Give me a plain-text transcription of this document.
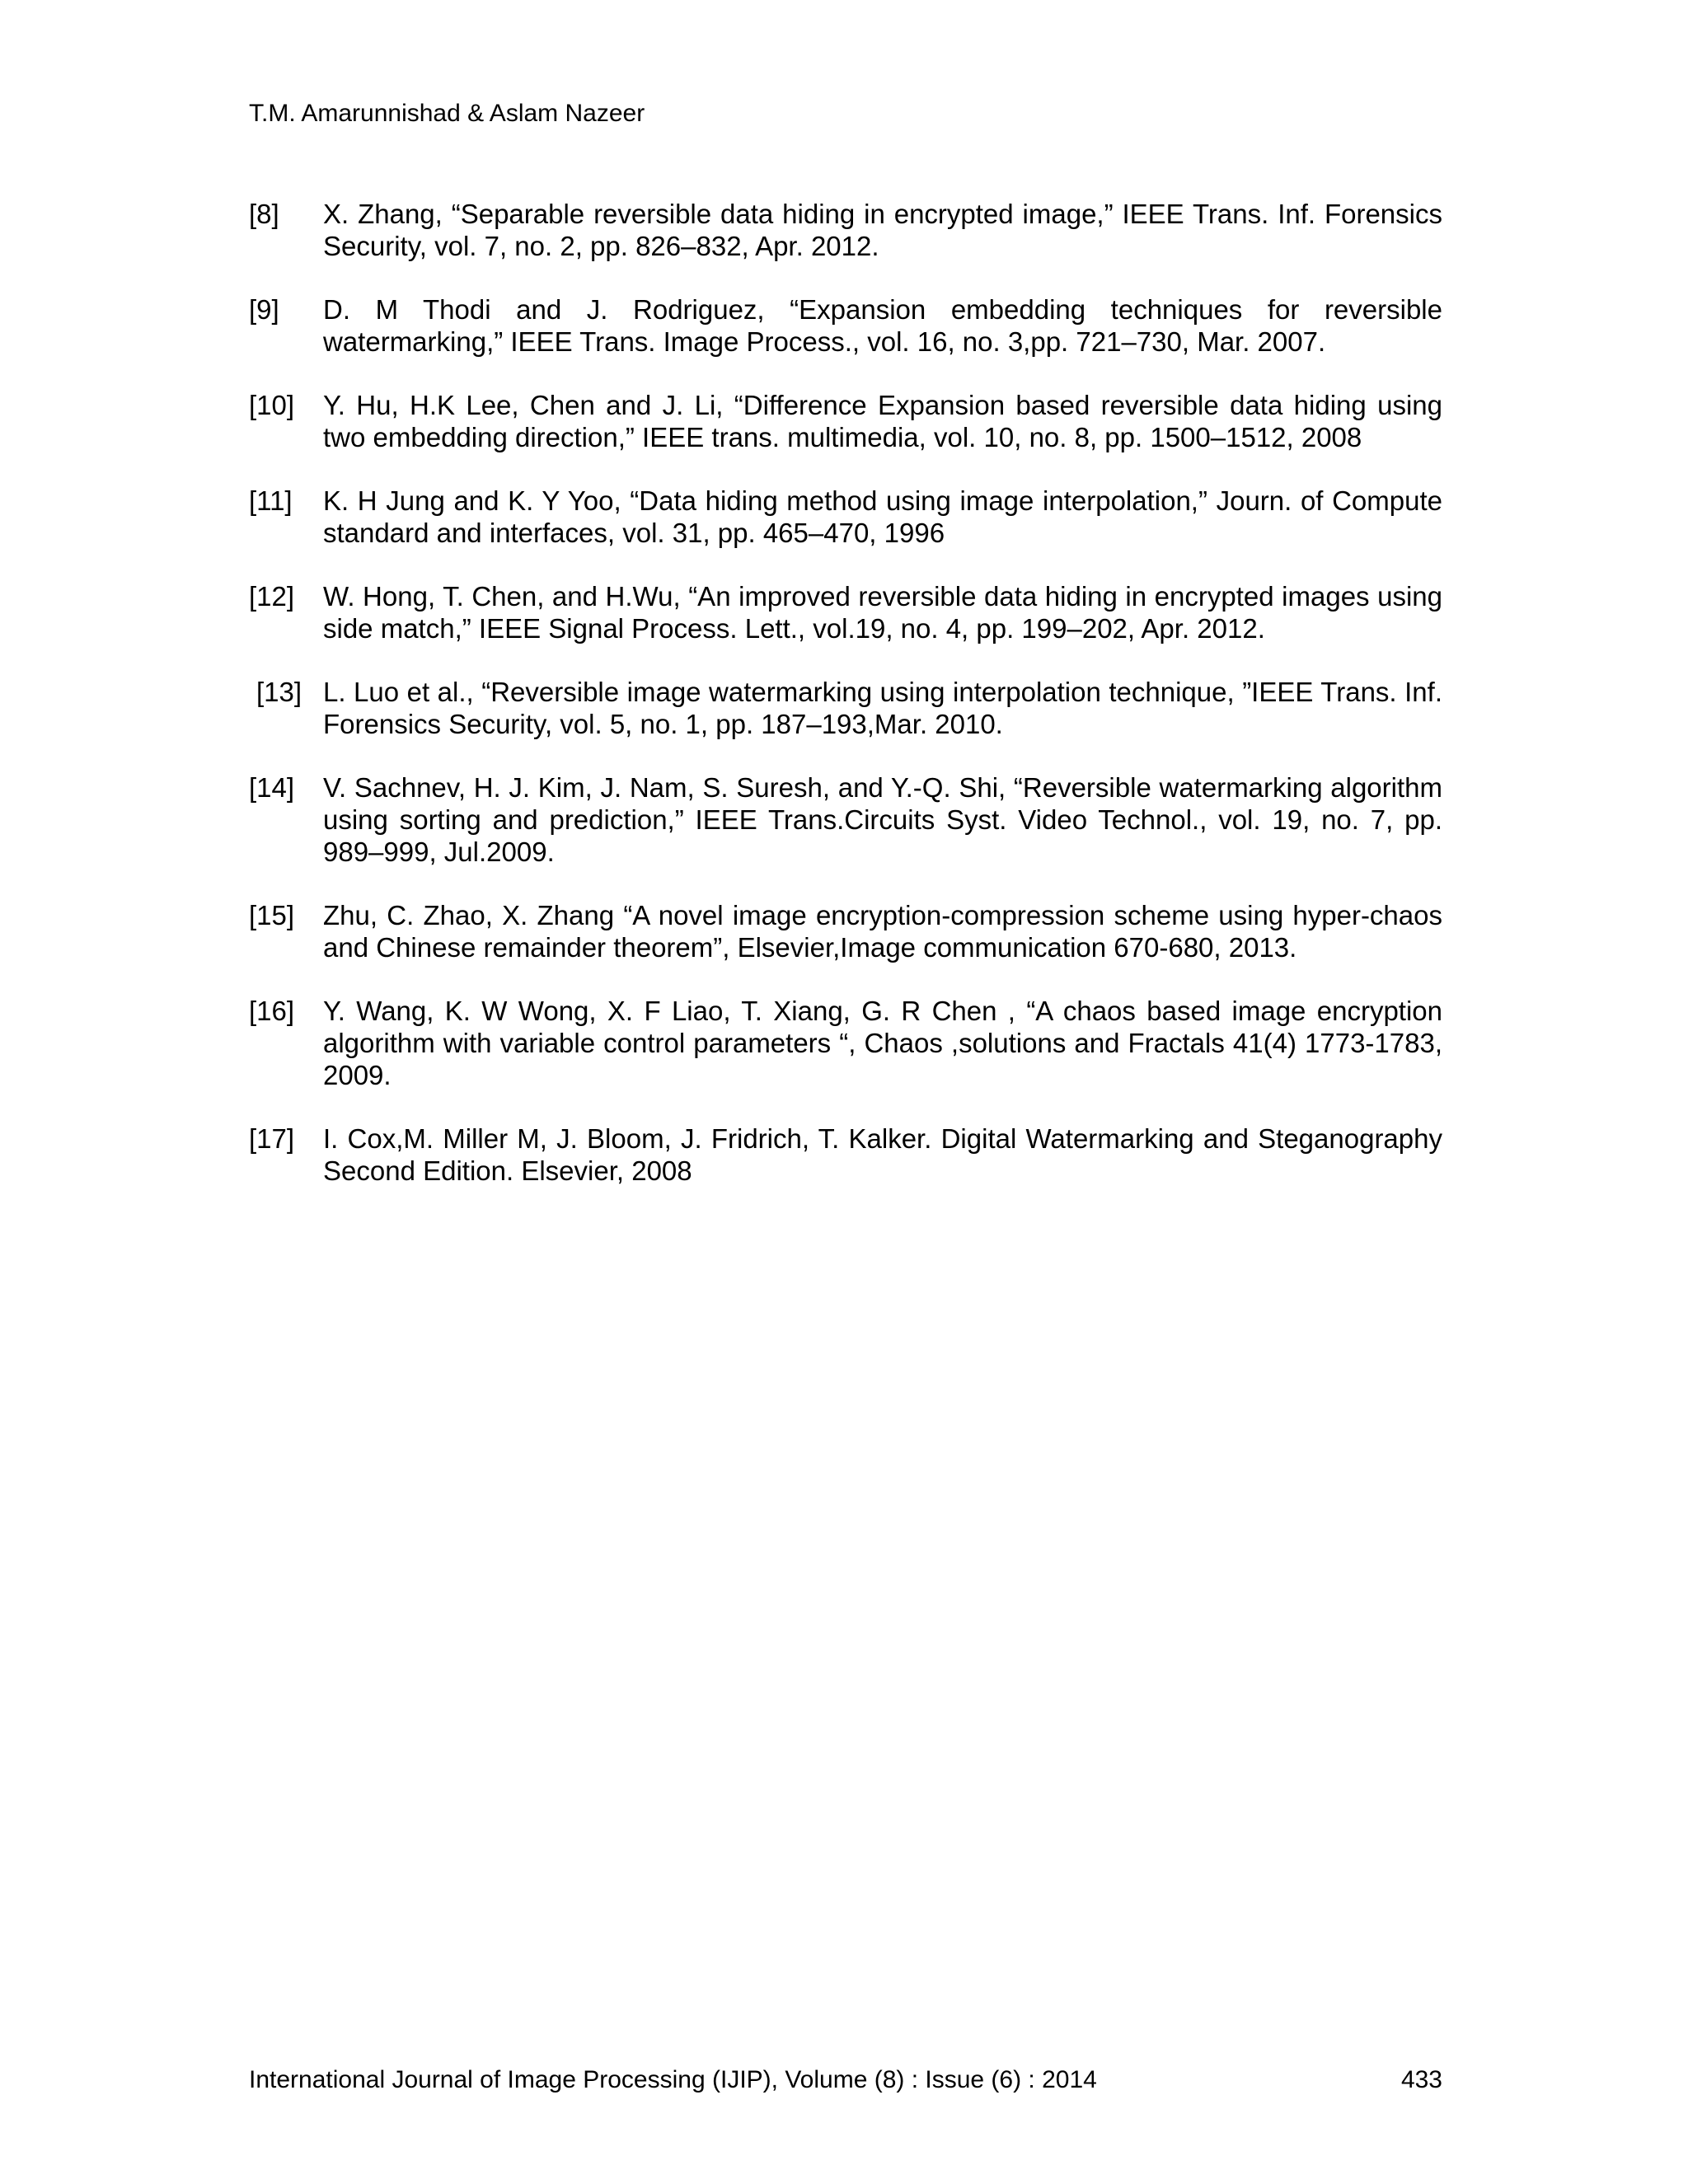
T.M. Amarunnishad & Aslam Nazeer
[8] X. Zhang, “Separable reversible data hiding in encrypted image,” IEEE Trans. Inf. Forensics Security, vol. 7, no. 2, pp. 826–832, Apr. 2012.
[9] D. M Thodi and J. Rodriguez, “Expansion embedding techniques for reversible watermarking,” IEEE Trans. Image Process., vol. 16, no. 3,pp. 721–730, Mar. 2007.
[10] Y. Hu, H.K Lee, Chen and J. Li, “Difference Expansion based reversible data hiding using two embedding direction,” IEEE trans. multimedia, vol. 10, no. 8, pp. 1500–1512, 2008
[11] K. H Jung and K. Y Yoo, “Data hiding method using image interpolation,” Journ. of Compute standard and interfaces, vol. 31, pp. 465–470, 1996
[12] W. Hong, T. Chen, and H.Wu, “An improved reversible data hiding in encrypted images using   side match,” IEEE Signal Process. Lett., vol.19, no. 4, pp. 199–202, Apr. 2012.
[13] L. Luo et al., “Reversible image watermarking using interpolation technique, ”IEEE Trans. Inf. Forensics Security, vol. 5, no. 1, pp. 187–193,Mar. 2010.
[14] V. Sachnev, H. J. Kim, J. Nam, S. Suresh, and Y.-Q. Shi, “Reversible watermarking algorithm using sorting and prediction,” IEEE Trans.Circuits Syst. Video Technol., vol. 19, no. 7, pp. 989–999, Jul.2009.
[15] Zhu, C. Zhao, X. Zhang “A novel image encryption-compression scheme using hyper-chaos and Chinese remainder theorem”, Elsevier,Image communication 670-680, 2013.
[16] Y. Wang, K. W Wong, X. F Liao, T. Xiang, G. R Chen , “A chaos based image encryption algorithm with variable control parameters “, Chaos ,solutions and Fractals 41(4) 1773-1783, 2009.
[17] I. Cox,M. Miller M, J. Bloom, J. Fridrich, T. Kalker. Digital Watermarking and Steganography   Second Edition. Elsevier, 2008
International Journal of Image Processing (IJIP), Volume (8) : Issue (6) : 2014	433
